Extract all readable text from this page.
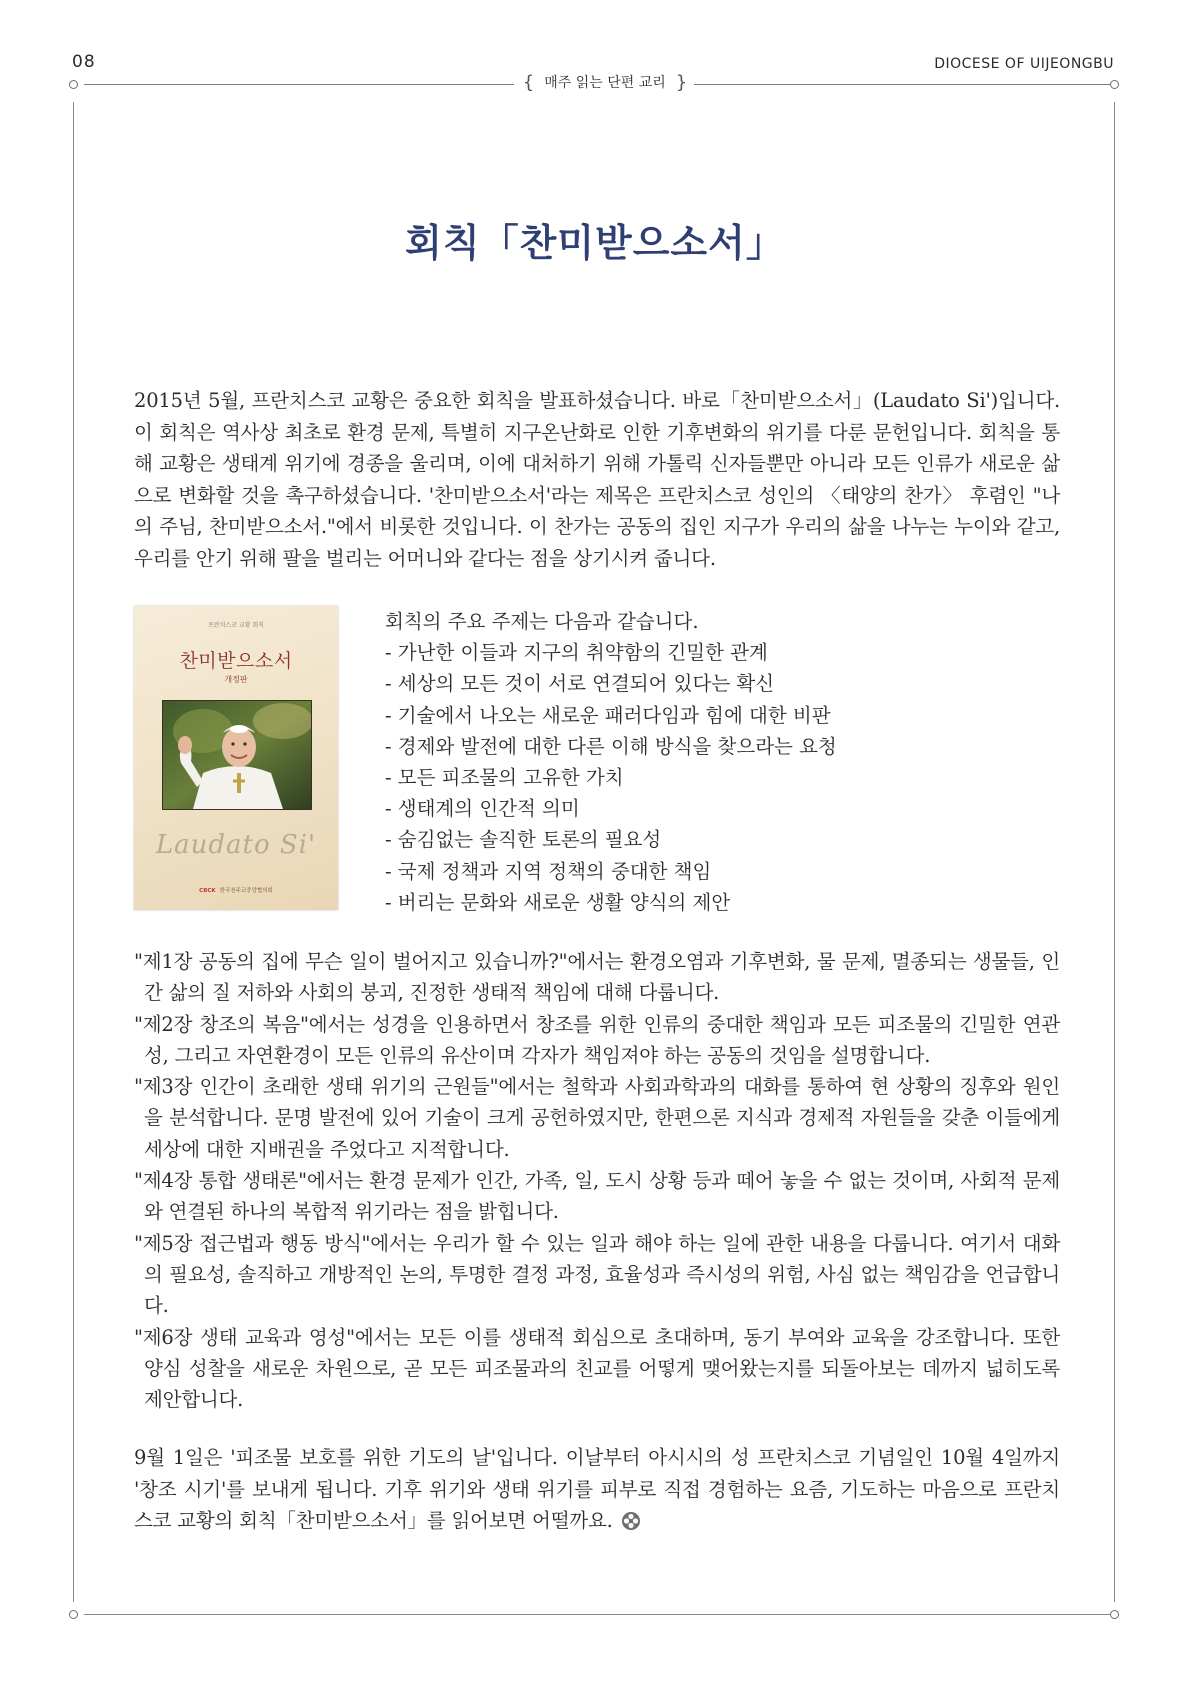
08	DIOCESE OF UIJEONGBU
{ 매주 읽는 단편 교리 }
회칙「찬미받으소서」

2015년 5월, 프란치스코 교황은 중요한 회칙을 발표하셨습니다. 바로「찬미받으소서」(Laudato Si')입니다. 이 회칙은 역사상 최초로 환경 문제, 특별히 지구온난화로 인한 기후변화의 위기를 다룬 문헌입니다. 회칙을 통해 교황은 생태계 위기에 경종을 울리며, 이에 대처하기 위해 가톨릭 신자들뿐만 아니라 모든 인류가 새로운 삶으로 변화할 것을 촉구하셨습니다. '찬미받으소서'라는 제목은 프란치스코 성인의 〈태양의 찬가〉 후렴인 "나의 주님, 찬미받으소서."에서 비롯한 것입니다. 이 찬가는 공동의 집인 지구가 우리의 삶을 나누는 누이와 같고, 우리를 안기 위해 팔을 벌리는 어머니와 같다는 점을 상기시켜 줍니다.

프란치스코 교황 회칙
찬미받으소서
개정판
Laudato Si'
CBCK 한국천주교중앙협의회
회칙의 주요 주제는 다음과 같습니다.
- 가난한 이들과 지구의 취약함의 긴밀한 관계
- 세상의 모든 것이 서로 연결되어 있다는 확신
- 기술에서 나오는 새로운 패러다임과 힘에 대한 비판
- 경제와 발전에 대한 다른 이해 방식을 찾으라는 요청
- 모든 피조물의 고유한 가치
- 생태계의 인간적 의미
- 숨김없는 솔직한 토론의 필요성
- 국제 정책과 지역 정책의 중대한 책임
- 버리는 문화와 새로운 생활 양식의 제안

"제1장 공동의 집에 무슨 일이 벌어지고 있습니까?"에서는 환경오염과 기후변화, 물 문제, 멸종되는 생물들, 인간 삶의 질 저하와 사회의 붕괴, 진정한 생태적 책임에 대해 다룹니다.

"제2장 창조의 복음"에서는 성경을 인용하면서 창조를 위한 인류의 중대한 책임과 모든 피조물의 긴밀한 연관성, 그리고 자연환경이 모든 인류의 유산이며 각자가 책임져야 하는 공동의 것임을 설명합니다.

"제3장 인간이 초래한 생태 위기의 근원들"에서는 철학과 사회과학과의 대화를 통하여 현 상황의 징후와 원인을 분석합니다. 문명 발전에 있어 기술이 크게 공헌하였지만, 한편으론 지식과 경제적 자원들을 갖춘 이들에게 세상에 대한 지배권을 주었다고 지적합니다.

"제4장 통합 생태론"에서는 환경 문제가 인간, 가족, 일, 도시 상황 등과 떼어 놓을 수 없는 것이며, 사회적 문제와 연결된 하나의 복합적 위기라는 점을 밝힙니다.

"제5장 접근법과 행동 방식"에서는 우리가 할 수 있는 일과 해야 하는 일에 관한 내용을 다룹니다. 여기서 대화의 필요성, 솔직하고 개방적인 논의, 투명한 결정 과정, 효율성과 즉시성의 위험, 사심 없는 책임감을 언급합니다.

"제6장 생태 교육과 영성"에서는 모든 이를 생태적 회심으로 초대하며, 동기 부여와 교육을 강조합니다. 또한 양심 성찰을 새로운 차원으로, 곧 모든 피조물과의 친교를 어떻게 맺어왔는지를 되돌아보는 데까지 넓히도록 제안합니다.

9월 1일은 '피조물 보호를 위한 기도의 날'입니다. 이날부터 아시시의 성 프란치스코 기념일인 10월 4일까지 '창조 시기'를 보내게 됩니다. 기후 위기와 생태 위기를 피부로 직접 경험하는 요즘, 기도하는 마음으로 프란치스코 교황의 회칙「찬미받으소서」를 읽어보면 어떨까요.
